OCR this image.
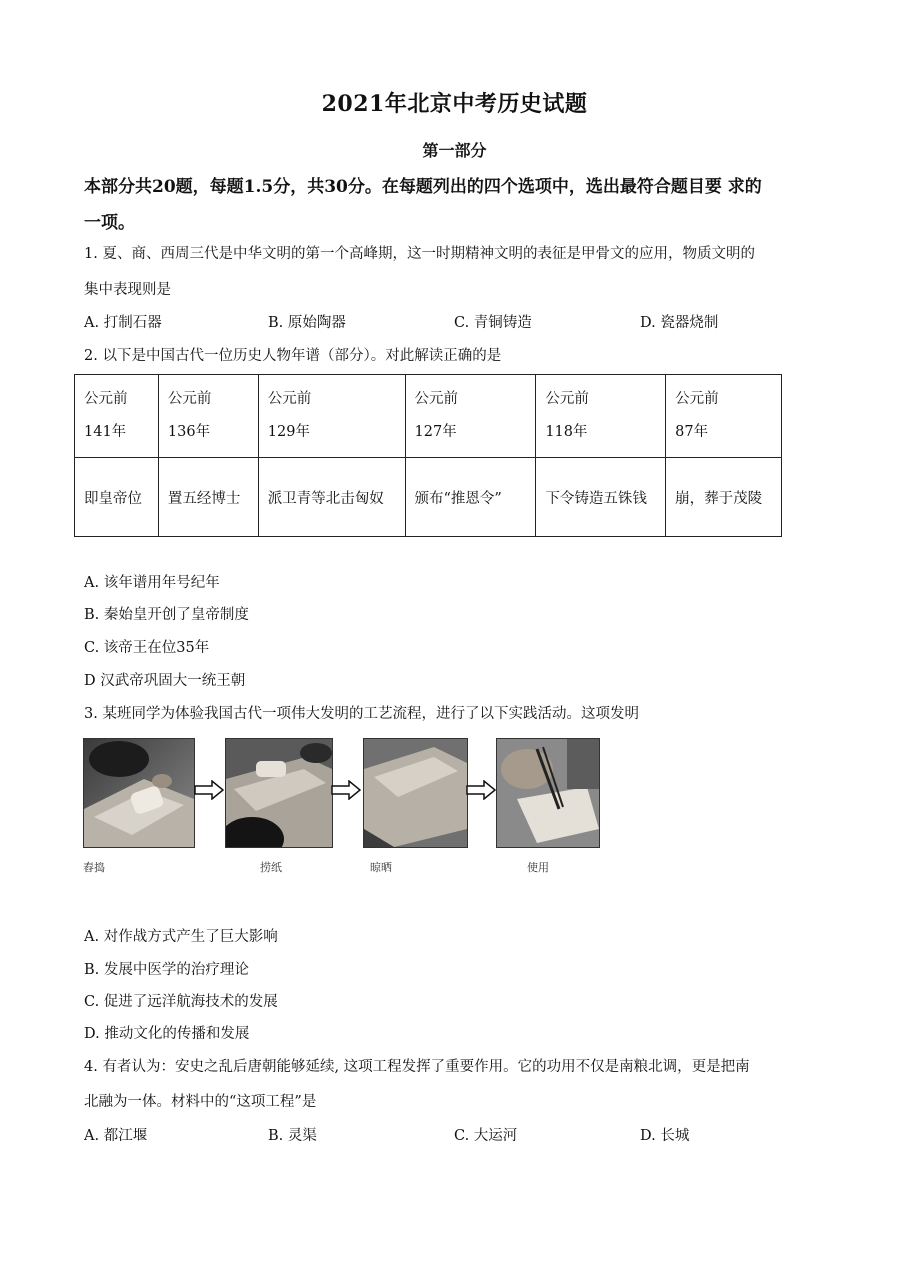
2021年北京中考历史试题
第一部分
本部分共20题，每题1.5分，共30分。在每题列出的四个选项中，选出最符合题目要 求的
一项。
1. 夏、商、西周三代是中华文明的第一个高峰期，这一时期精神文明的表征是甲骨文的应用，物质文明的
集中表现则是
A. 打制石器	B. 原始陶器	C. 青铜铸造	D. 瓷器烧制
2. 以下是中国古代一位历史人物年谱（部分）。对此解读正确的是
公元前
141年	公元前
136年	公元前
129年	公元前
127年	公元前
118年	公元前
87年
即皇帝位	置五经博士	派卫青等北击匈奴	颁布“推恩令”	下令铸造五铢钱	崩，葬于茂陵
A. 该年谱用年号纪年
B. 秦始皇开创了皇帝制度
C. 该帝王在位35年
D 汉武帝巩固大一统王朝
3. 某班同学为体验我国古代一项伟大发明的工艺流程，进行了以下实践活动。这项发明
舂捣	捞纸	晾晒	使用
A. 对作战方式产生了巨大影响
B. 发展中医学的治疗理论
C. 促进了远洋航海技术的发展
D. 推动文化的传播和发展
4. 有者认为：安史之乱后唐朝能够延续, 这项工程发挥了重要作用。它的功用不仅是南粮北调，更是把南
北融为一体。材料中的“这项工程”是
A. 都江堰	B. 灵渠	C. 大运河	D. 长城
